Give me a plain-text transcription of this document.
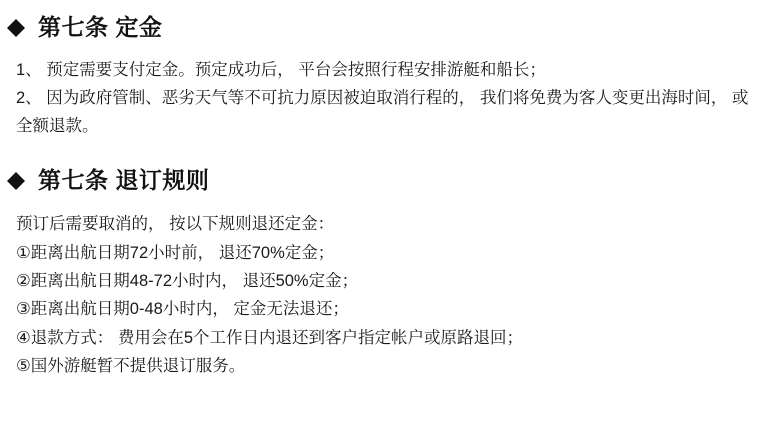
第七条 定金

1、 预定需要支付定金。预定成功后， 平台会按照行程安排游艇和船长；

2、 因为政府管制、恶劣天气等不可抗力原因被迫取消行程的， 我们将免费为客人变更出海时间， 或全额退款。

第七条 退订规则

预订后需要取消的， 按以下规则退还定金：

①距离出航日期72小时前， 退还70%定金；

②距离出航日期48-72小时内， 退还50%定金；

③距离出航日期0-48小时内， 定金无法退还；

④退款方式： 费用会在5个工作日内退还到客户指定帐户或原路退回；

⑤国外游艇暂不提供退订服务。
